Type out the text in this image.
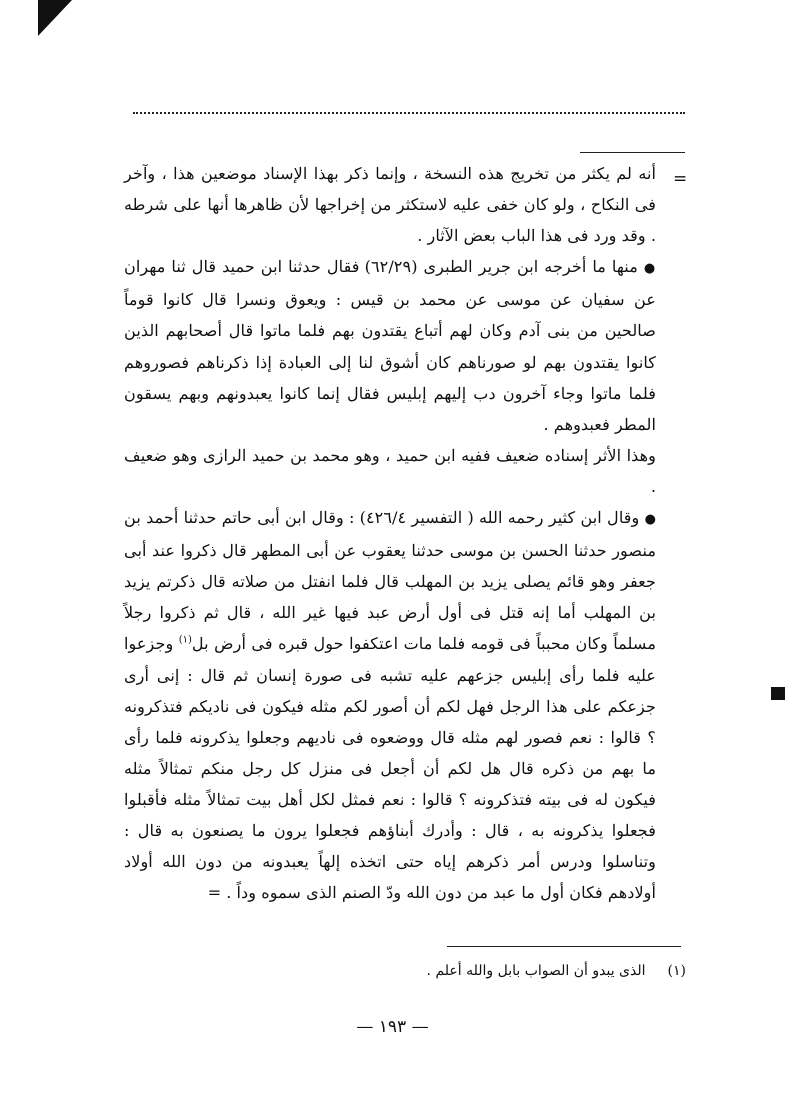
=

أنه لم يكثر من تخريج هذه النسخة ، وإنما ذكر بهذا الإسناد موضعين هذا ، وآخر فى النكاح ، ولو كان خفى عليه لاستكثر من إخراجها لأن ظاهرها أنها على شرطه . وقد ورد فى هذا الباب بعض الآثار .

● منها ما أخرجه ابن جرير الطبرى (٦٢/٢٩) فقال حدثنا ابن حميد قال ثنا مهران عن سفيان عن موسى عن محمد بن قيس : ويعوق ونسرا قال كانوا قوماً صالحين من بنى آدم وكان لهم أتباع يقتدون بهم فلما ماتوا قال أصحابهم الذين كانوا يقتدون بهم لو صورناهم كان أشوق لنا إلى العبادة إذا ذكرناهم فصوروهم فلما ماتوا وجاء آخرون دب إليهم إبليس فقال إنما كانوا يعبدونهم وبهم يسقون المطر فعبدوهم .

وهذا الأثر إسناده ضعيف ففيه ابن حميد ، وهو محمد بن حميد الرازى وهو ضعيف .

● وقال ابن كثير رحمه الله ( التفسير ٤٢٦/٤) : وقال ابن أبى حاتم حدثنا أحمد بن منصور حدثنا الحسن بن موسى حدثنا يعقوب عن أبى المطهر قال ذكروا عند أبى جعفر وهو قائم يصلى يزيد بن المهلب قال فلما انفتل من صلاته قال ذكرتم يزيد بن المهلب أما إنه قتل فى أول أرض عبد فيها غير الله ، قال ثم ذكروا رجلاً مسلماً وكان محبباً فى قومه فلما مات اعتكفوا حول قبره فى أرض بل$^{(١)}$ وجزعوا عليه فلما رأى إبليس جزعهم عليه تشبه فى صورة إنسان ثم قال : إنى أرى جزعكم على هذا الرجل فهل لكم أن أصور لكم مثله فيكون فى ناديكم فتذكرونه ؟ قالوا : نعم فصور لهم مثله قال ووضعوه فى ناديهم وجعلوا يذكرونه فلما رأى ما بهم من ذكره قال هل لكم أن أجعل فى منزل كل رجل منكم تمثالاً مثله فيكون له فى بيته فتذكرونه ؟ قالوا : نعم فمثل لكل أهل بيت تمثالاً مثله فأقبلوا فجعلوا يذكرونه به ، قال : وأدرك أبناؤهم فجعلوا يرون ما يصنعون به قال : وتناسلوا ودرس أمر ذكرهم إياه حتى اتخذه إلهاً يعبدونه من دون الله أولاد أولادهم فكان أول ما عبد من دون الله ودّ الصنم الذى سموه وداً . =

(١)الذى يبدو أن الصواب بابل والله أعلم .
— ١٩٣ —
